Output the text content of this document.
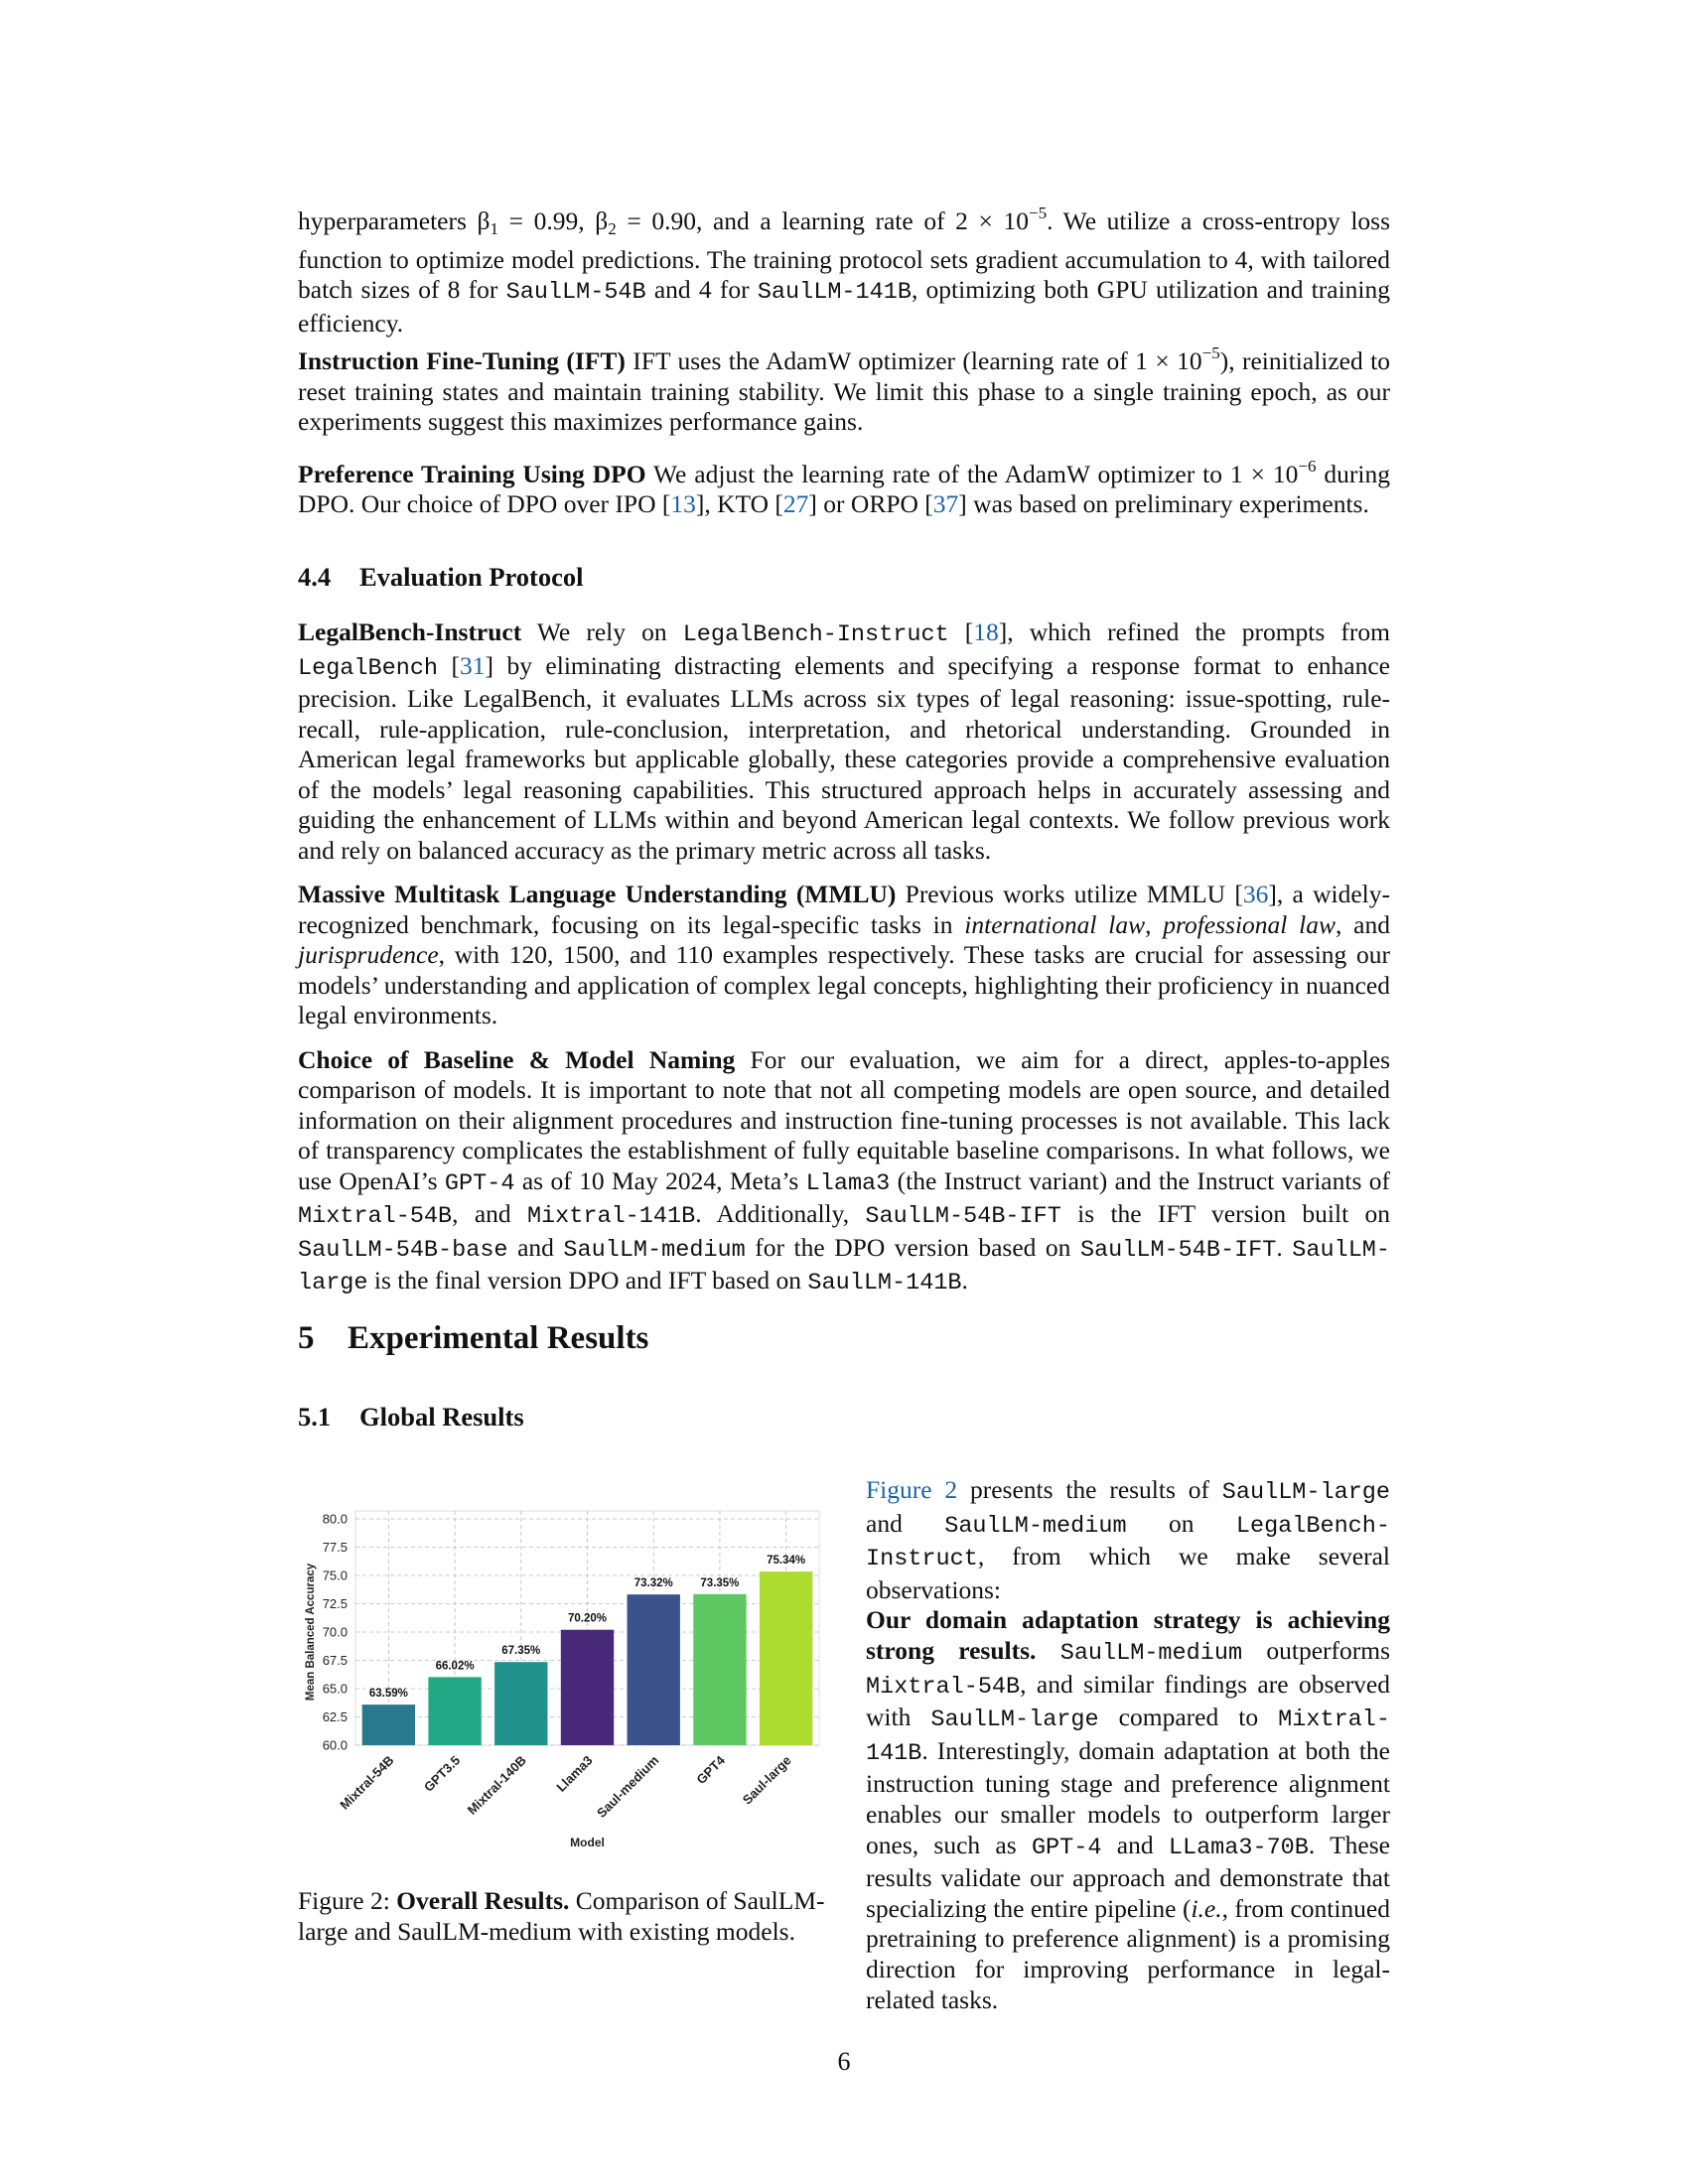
hyperparameters $\beta_1 = 0.99$, $\beta_2 = 0.90$, and a learning rate of $2 \times 10^{-5}$. We utilize a cross-entropy loss function to optimize model predictions. The training protocol sets gradient accumulation to 4, with tailored batch sizes of 8 for SaulLM-54B and 4 for SaulLM-141B, optimizing both GPU utilization and training efficiency.

Instruction Fine-Tuning (IFT) IFT uses the AdamW optimizer (learning rate of $1 \times 10^{-5}$), reinitialized to reset training states and maintain training stability. We limit this phase to a single training epoch, as our experiments suggest this maximizes performance gains.

Preference Training Using DPO We adjust the learning rate of the AdamW optimizer to $1 \times 10^{-6}$ during DPO. Our choice of DPO over IPO [13], KTO [27] or ORPO [37] was based on preliminary experiments.

4.4 Evaluation Protocol

LegalBench-Instruct We rely on LegalBench-Instruct [18], which refined the prompts from LegalBench [31] by eliminating distracting elements and specifying a response format to enhance precision. Like LegalBench, it evaluates LLMs across six types of legal reasoning: issue-spotting, rule-recall, rule-application, rule-conclusion, interpretation, and rhetorical understanding. Grounded in American legal frameworks but applicable globally, these categories provide a comprehensive evaluation of the models’ legal reasoning capabilities. This structured approach helps in accurately assessing and guiding the enhancement of LLMs within and beyond American legal contexts. We follow previous work and rely on balanced accuracy as the primary metric across all tasks.

Massive Multitask Language Understanding (MMLU) Previous works utilize MMLU [36], a widely-recognized benchmark, focusing on its legal-specific tasks in international law, professional law, and jurisprudence, with 120, 1500, and 110 examples respectively. These tasks are crucial for assessing our models’ understanding and application of complex legal concepts, highlighting their proficiency in nuanced legal environments.

Choice of Baseline & Model Naming For our evaluation, we aim for a direct, apples-to-apples comparison of models. It is important to note that not all competing models are open source, and detailed information on their alignment procedures and instruction fine-tuning processes is not available. This lack of transparency complicates the establishment of fully equitable baseline comparisons. In what follows, we use OpenAI’s GPT-4 as of 10 May 2024, Meta’s Llama3 (the Instruct variant) and the Instruct variants of Mixtral-54B, and Mixtral-141B. Additionally, SaulLM-54B-IFT is the IFT version built on SaulLM-54B-base and SaulLM-medium for the DPO version based on SaulLM-54B-IFT. SaulLM-large is the final version DPO and IFT based on SaulLM-141B.

5 Experimental Results
5.1 Global Results
60.0
62.5
65.0
67.5
70.0
72.5
75.0
77.5
80.0
63.59%
Mixtral-54B
66.02%
GPT3.5
67.35%
Mixtral-140B
70.20%
Llama3
73.32%
Saul-medium
73.35%
GPT4
75.34%
Saul-large
Model
Mean Balanced Accuracy
Figure 2: Overall Results. Comparison of SaulLM-large and SaulLM-medium with existing models.

Figure 2 presents the results of SaulLM-large and SaulLM-medium on LegalBench-Instruct, from which we make several observations:

Our domain adaptation strategy is achieving strong results. SaulLM-medium outperforms Mixtral-54B, and similar findings are observed with SaulLM-large compared to Mixtral-141B. Interestingly, domain adaptation at both the instruction tuning stage and preference alignment enables our smaller models to outperform larger ones, such as GPT-4 and LLama3-70B. These results validate our approach and demonstrate that specializing the entire pipeline (i.e., from continued pretraining to preference alignment) is a promising direction for improving performance in legal-related tasks.

6
